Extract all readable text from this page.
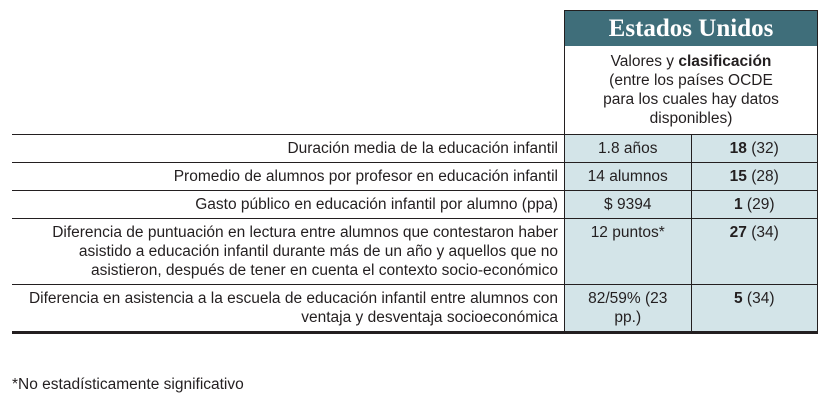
	Estados Unidos	
	Valores y clasificación
(entre los países OCDE para los cuales hay datos disponibles)	
Duración media de la educación infantil	1.8 años	18 (32)
Promedio de alumnos por profesor en educación infantil	14 alumnos	15 (28)
Gasto público en educación infantil por alumno (ppa)	$ 9394	1 (29)
Diferencia de puntuación en lectura entre alumnos que contestaron haber asistido a educación infantil durante más de un año y aquellos que no asistieron, después de tener en cuenta el contexto socio-económico	12 puntos*	27 (34)
Diferencia en asistencia a la escuela de educación infantil entre alumnos con ventaja y desventaja socioeconómica	82/59% (23 pp.)	5 (34)
*No estadísticamente significativo
